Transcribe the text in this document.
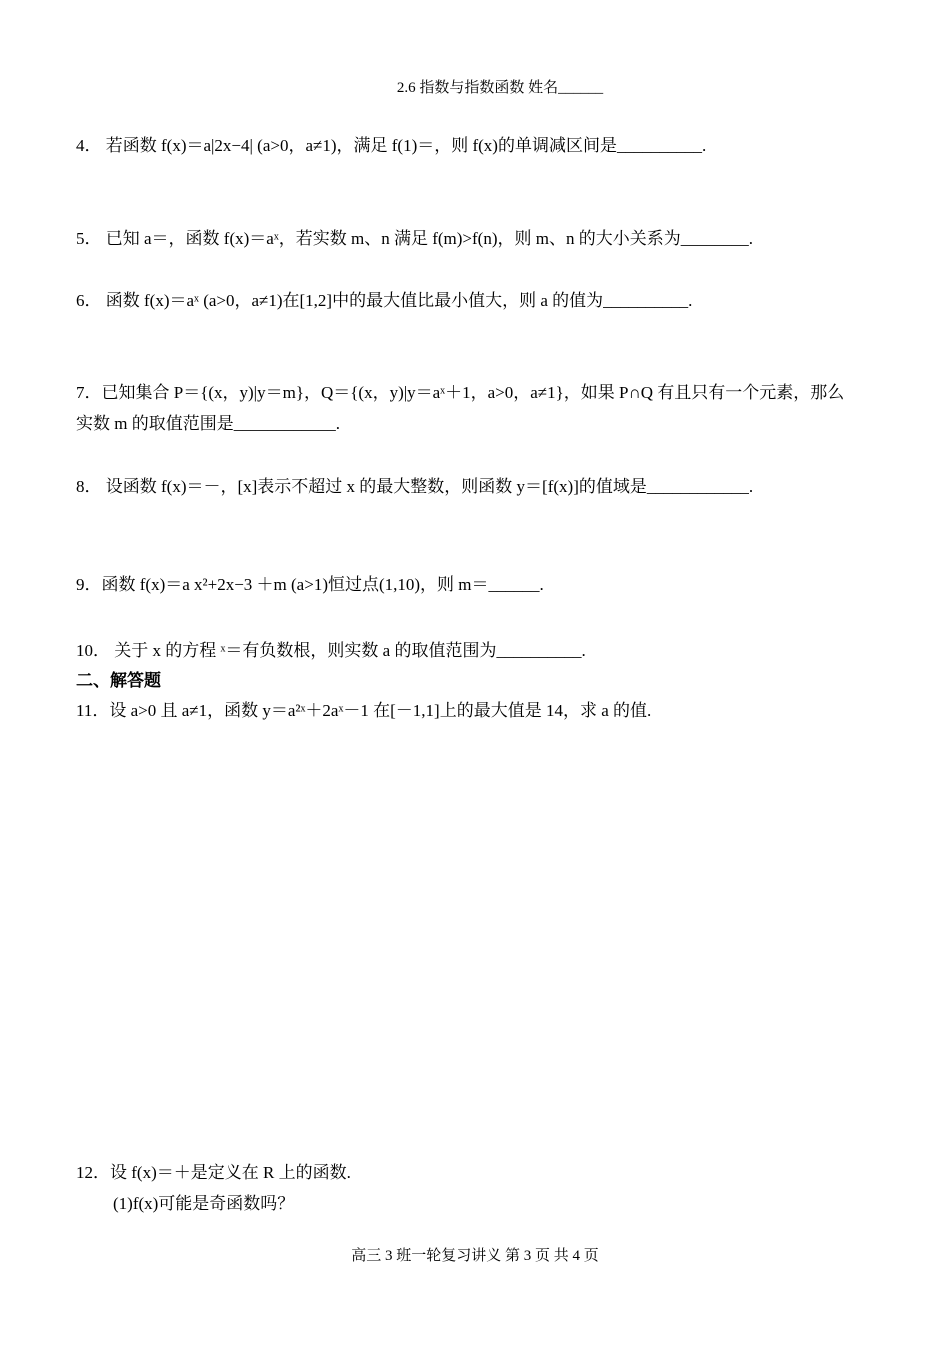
2.6 指数与指数函数 姓名______
4． 若函数 f(x)＝a|2x−4| (a>0，a≠1)，满足 f(1)＝，则 f(x)的单调减区间是__________.
5． 已知 a＝，函数 f(x)＝aˣ，若实数 m、n 满足 f(m)>f(n)，则 m、n 的大小关系为________.
6． 函数 f(x)＝aˣ (a>0，a≠1)在[1,2]中的最大值比最小值大，则 a 的值为__________.
7．已知集合 P＝{(x，y)|y＝m}，Q＝{(x，y)|y＝aˣ＋1，a>0，a≠1}，如果 P∩Q 有且只有一个元素，那么
实数 m 的取值范围是____________.
8． 设函数 f(x)＝－，[x]表示不超过 x 的最大整数，则函数 y＝[f(x)]的值域是____________.
9．函数 f(x)＝a x²+2x−3 ＋m (a>1)恒过点(1,10)，则 m＝______.
10． 关于 x 的方程 ˣ＝有负数根，则实数 a 的取值范围为__________.
二、解答题
11．设 a>0 且 a≠1，函数 y＝a²ˣ＋2aˣ－1 在[－1,1]上的最大值是 14，求 a 的值.
12．设 f(x)＝＋是定义在 R 上的函数.
(1)f(x)可能是奇函数吗？
高三 3 班一轮复习讲义 第 3 页 共 4 页
